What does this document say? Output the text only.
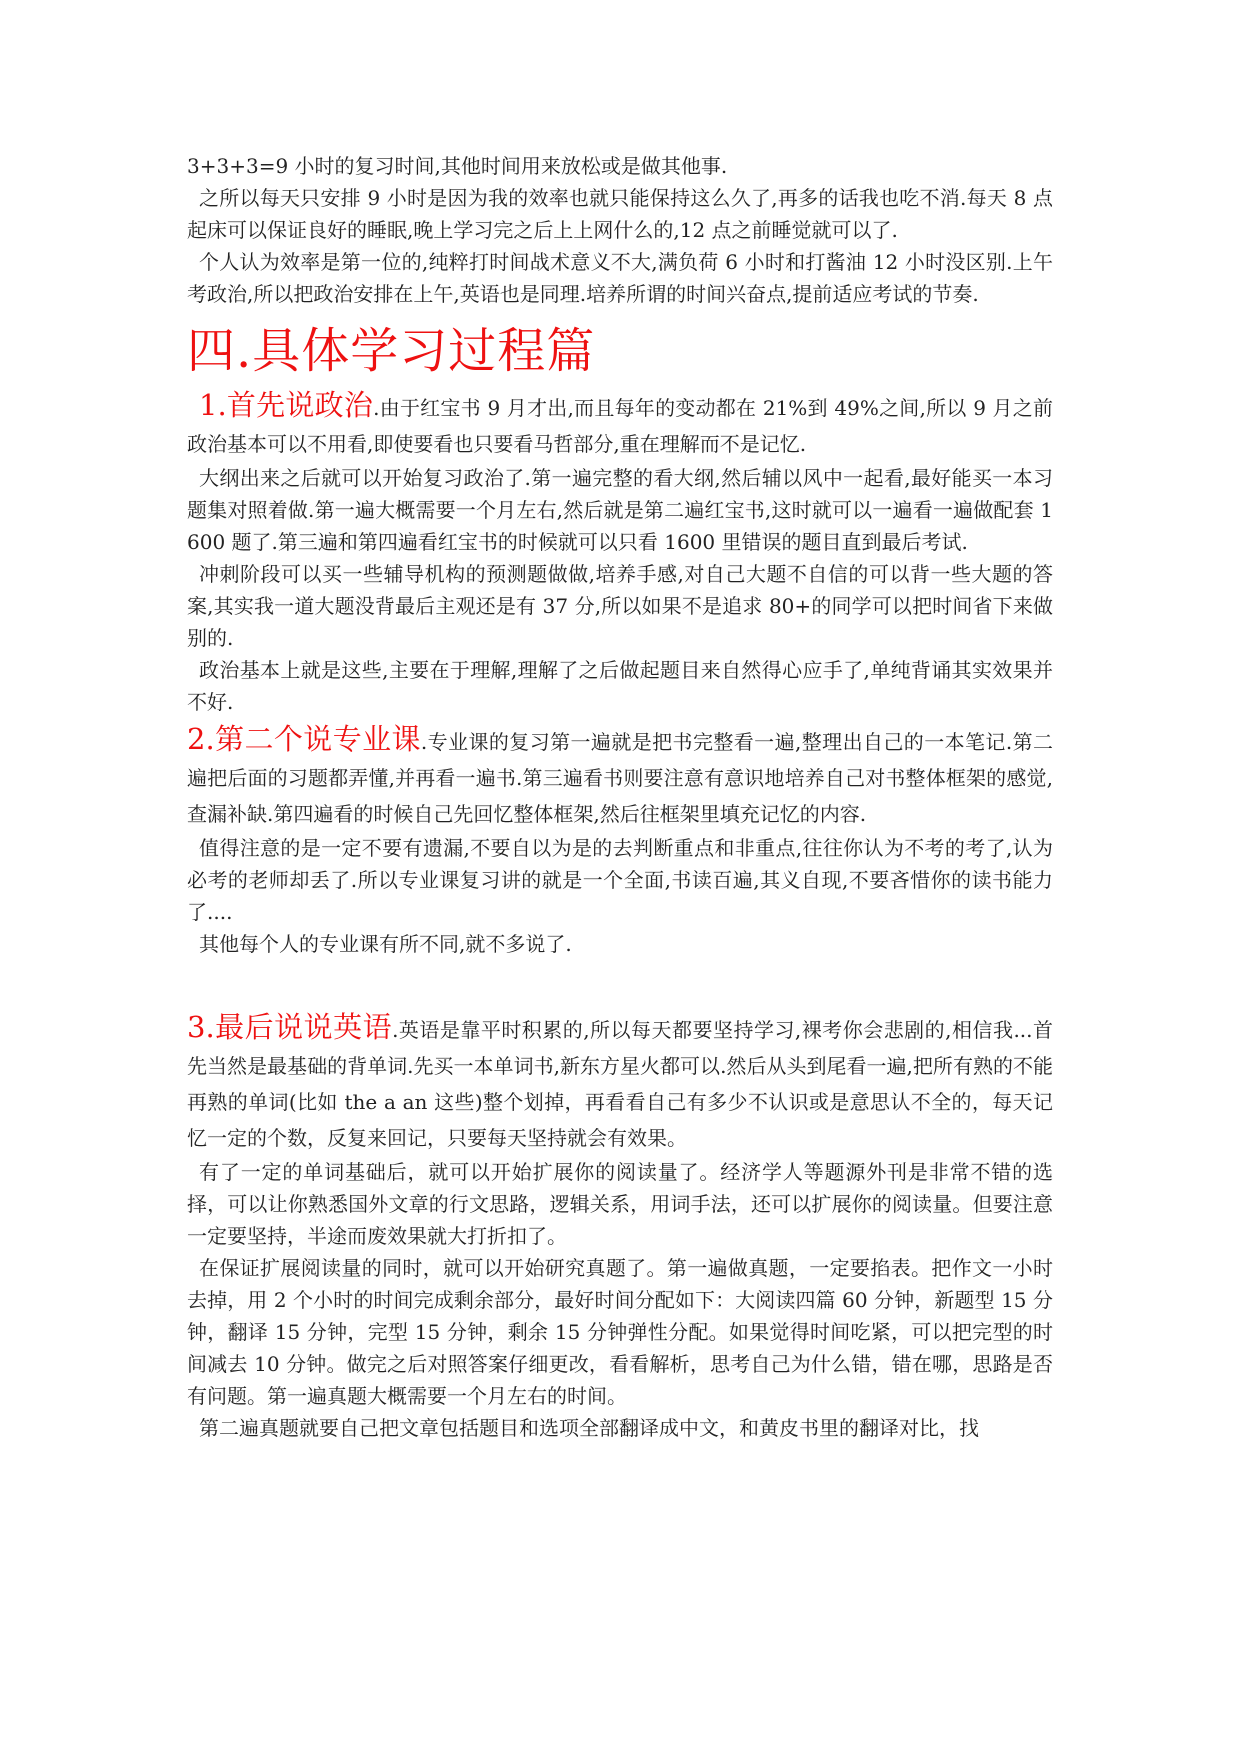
3+3+3=9 小时的复习时间,其他时间用来放松或是做其他事.

之所以每天只安排 9 小时是因为我的效率也就只能保持这么久了,再多的话我也吃不消.每天 8 点起床可以保证良好的睡眠,晚上学习完之后上上网什么的,12 点之前睡觉就可以了.

个人认为效率是第一位的,纯粹打时间战术意义不大,满负荷 6 小时和打酱油 12 小时没区别.上午考政治,所以把政治安排在上午,英语也是同理.培养所谓的时间兴奋点,提前适应考试的节奏.

四.具体学习过程篇

1.首先说政治.由于红宝书 9 月才出,而且每年的变动都在 21%到 49%之间,所以 9 月之前政治基本可以不用看,即使要看也只要看马哲部分,重在理解而不是记忆.

大纲出来之后就可以开始复习政治了.第一遍完整的看大纲,然后辅以风中一起看,最好能买一本习题集对照着做.第一遍大概需要一个月左右,然后就是第二遍红宝书,这时就可以一遍看一遍做配套 1600 题了.第三遍和第四遍看红宝书的时候就可以只看 1600 里错误的题目直到最后考试.

冲刺阶段可以买一些辅导机构的预测题做做,培养手感,对自己大题不自信的可以背一些大题的答案,其实我一道大题没背最后主观还是有 37 分,所以如果不是追求 80+的同学可以把时间省下来做别的.

政治基本上就是这些,主要在于理解,理解了之后做起题目来自然得心应手了,单纯背诵其实效果并不好.

2.第二个说专业课.专业课的复习第一遍就是把书完整看一遍,整理出自己的一本笔记.第二遍把后面的习题都弄懂,并再看一遍书.第三遍看书则要注意有意识地培养自己对书整体框架的感觉,查漏补缺.第四遍看的时候自己先回忆整体框架,然后往框架里填充记忆的内容.

值得注意的是一定不要有遗漏,不要自以为是的去判断重点和非重点,往往你认为不考的考了,认为必考的老师却丢了.所以专业课复习讲的就是一个全面,书读百遍,其义自现,不要吝惜你的读书能力了....

其他每个人的专业课有所不同,就不多说了.

3.最后说说英语.英语是靠平时积累的,所以每天都要坚持学习,裸考你会悲剧的,相信我...首先当然是最基础的背单词.先买一本单词书,新东方星火都可以.然后从头到尾看一遍,把所有熟的不能再熟的单词(比如 the a an 这些)整个划掉，再看看自己有多少不认识或是意思认不全的，每天记忆一定的个数，反复来回记，只要每天坚持就会有效果。

有了一定的单词基础后，就可以开始扩展你的阅读量了。经济学人等题源外刊是非常不错的选择，可以让你熟悉国外文章的行文思路，逻辑关系，用词手法，还可以扩展你的阅读量。但要注意一定要坚持，半途而废效果就大打折扣了。

在保证扩展阅读量的同时，就可以开始研究真题了。第一遍做真题，一定要掐表。把作文一小时去掉，用 2 个小时的时间完成剩余部分，最好时间分配如下：大阅读四篇 60 分钟，新题型 15 分钟，翻译 15 分钟，完型 15 分钟，剩余 15 分钟弹性分配。如果觉得时间吃紧，可以把完型的时间减去 10 分钟。做完之后对照答案仔细更改，看看解析，思考自己为什么错，错在哪，思路是否有问题。第一遍真题大概需要一个月左右的时间。

第二遍真题就要自己把文章包括题目和选项全部翻译成中文，和黄皮书里的翻译对比，找
